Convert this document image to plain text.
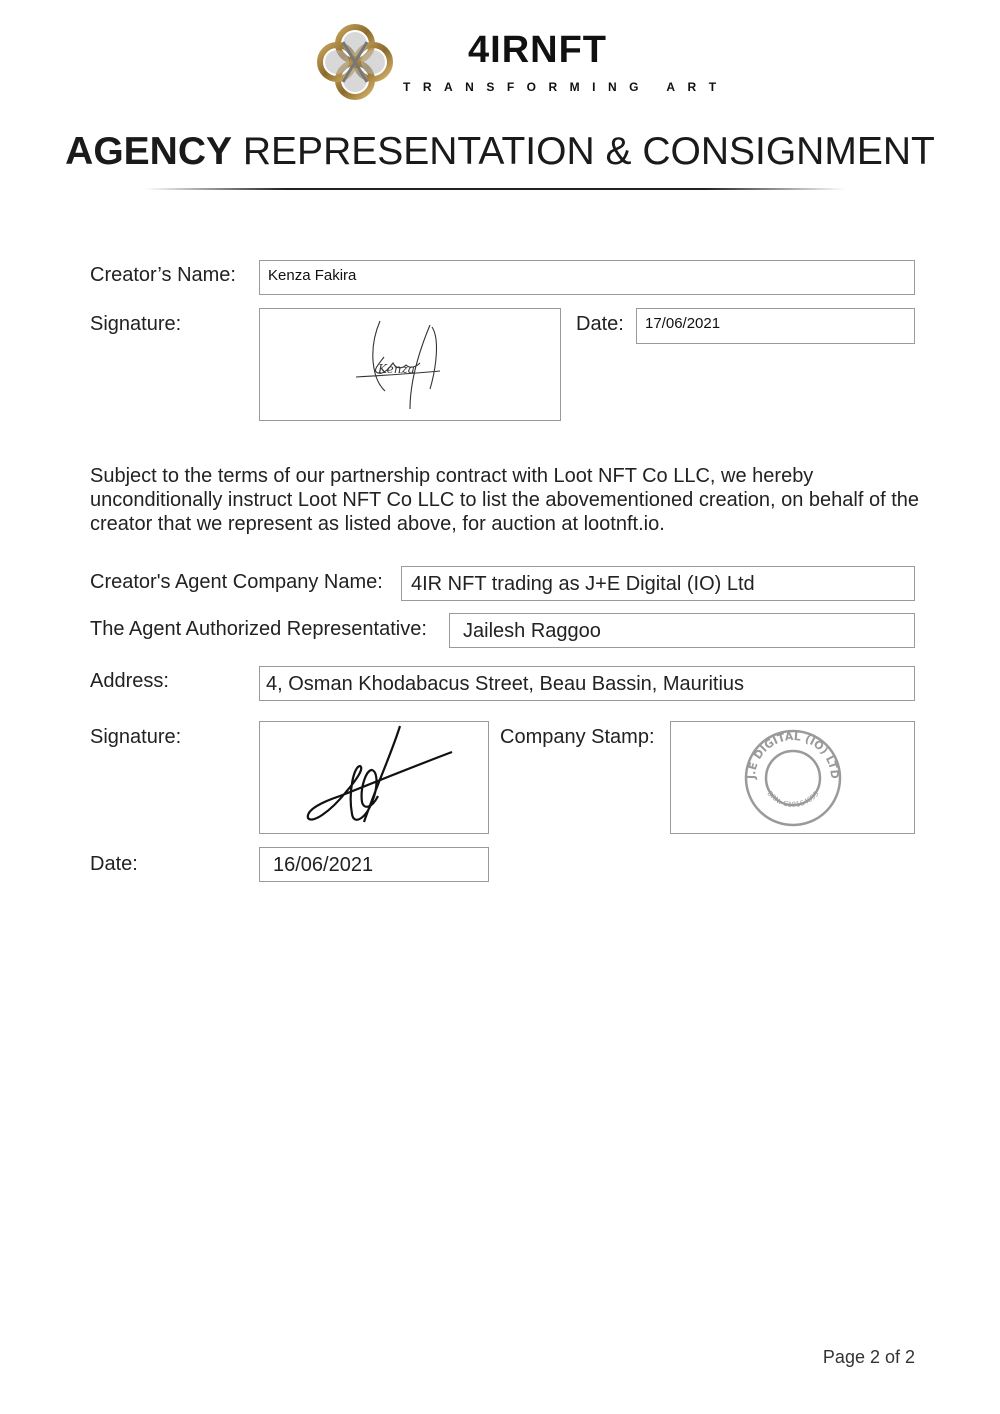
4IRNFT
TRANSFORMING ART
AGENCY REPRESENTATION & CONSIGNMENT
Creator’s Name:	Kenza Fakira
Signature:
Kenza
Date:	17/06/2021
Subject to the terms of our partnership contract with Loot NFT Co LLC, we hereby unconditionally instruct Loot NFT Co LLC to list the abovementioned creation, on behalf of the creator that we represent as listed above, for auction at lootnft.io.
Creator's Agent Company Name:	4IR NFT trading as J+E Digital (IO) Ltd
The Agent Authorized Representative:	Jailesh Raggoo
Address:	4, Osman Khodabacus Street, Beau Bassin, Mauritius
Signature:	Company Stamp:
J.E DIGITAL (IO) LTD
BRN: C19164693
Date:	16/06/2021
Page 2 of 2
